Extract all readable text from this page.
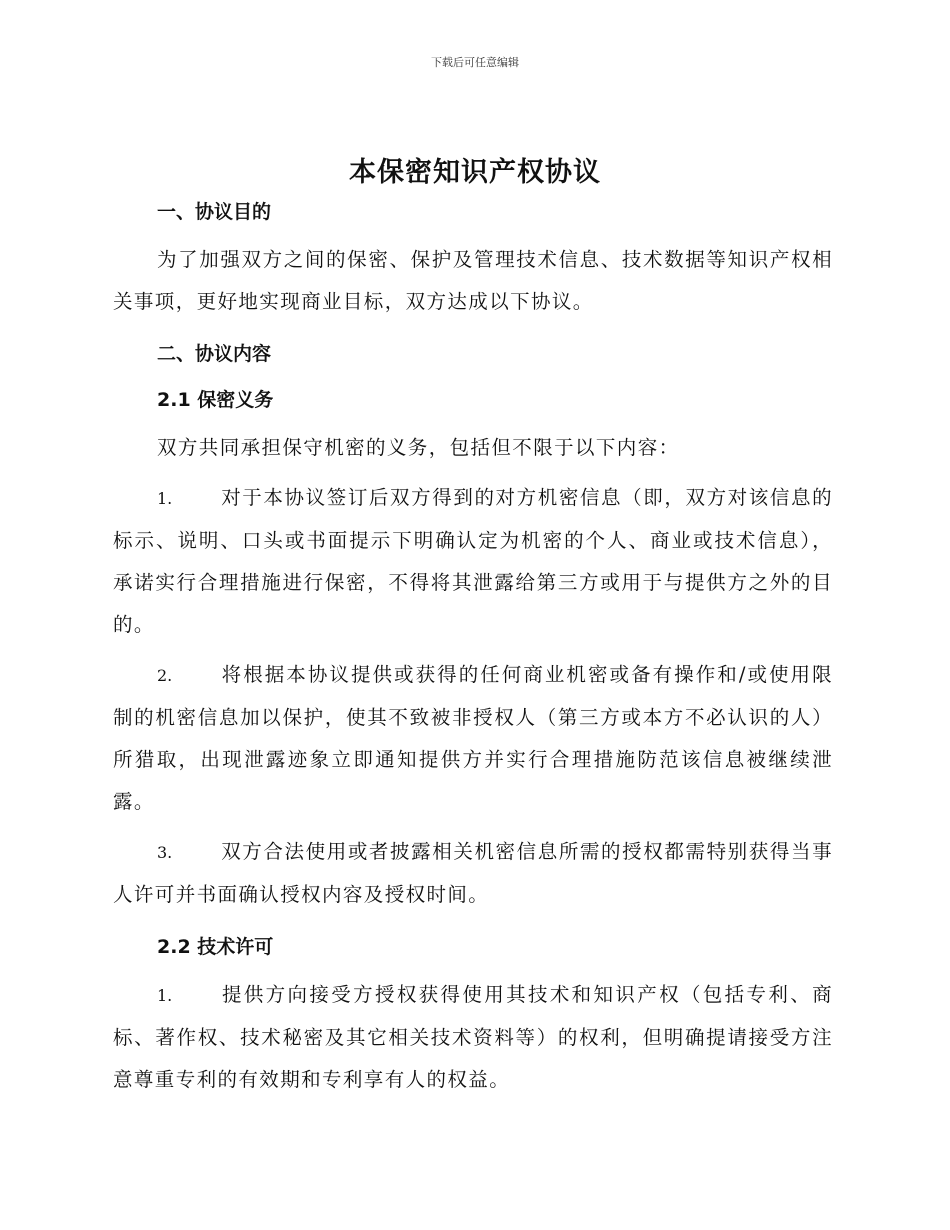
下载后可任意编辑
本保密知识产权协议
一、协议目的

为了加强双方之间的保密、保护及管理技术信息、技术数据等知识产权相关事项，更好地实现商业目标，双方达成以下协议。

二、协议内容
2.1 保密义务

双方共同承担保守机密的义务，包括但不限于以下内容：

1. 对于本协议签订后双方得到的对方机密信息（即，双方对该信息的标示、说明、口头或书面提示下明确认定为机密的个人、商业或技术信息），承诺实行合理措施进行保密，不得将其泄露给第三方或用于与提供方之外的目的。

2. 将根据本协议提供或获得的任何商业机密或备有操作和/或使用限制的机密信息加以保护，使其不致被非授权人（第三方或本方不必认识的人）所猎取，出现泄露迹象立即通知提供方并实行合理措施防范该信息被继续泄露。

3. 双方合法使用或者披露相关机密信息所需的授权都需特别获得当事人许可并书面确认授权内容及授权时间。

2.2 技术许可

1. 提供方向接受方授权获得使用其技术和知识产权（包括专利、商标、著作权、技术秘密及其它相关技术资料等）的权利，但明确提请接受方注意尊重专利的有效期和专利享有人的权益。
